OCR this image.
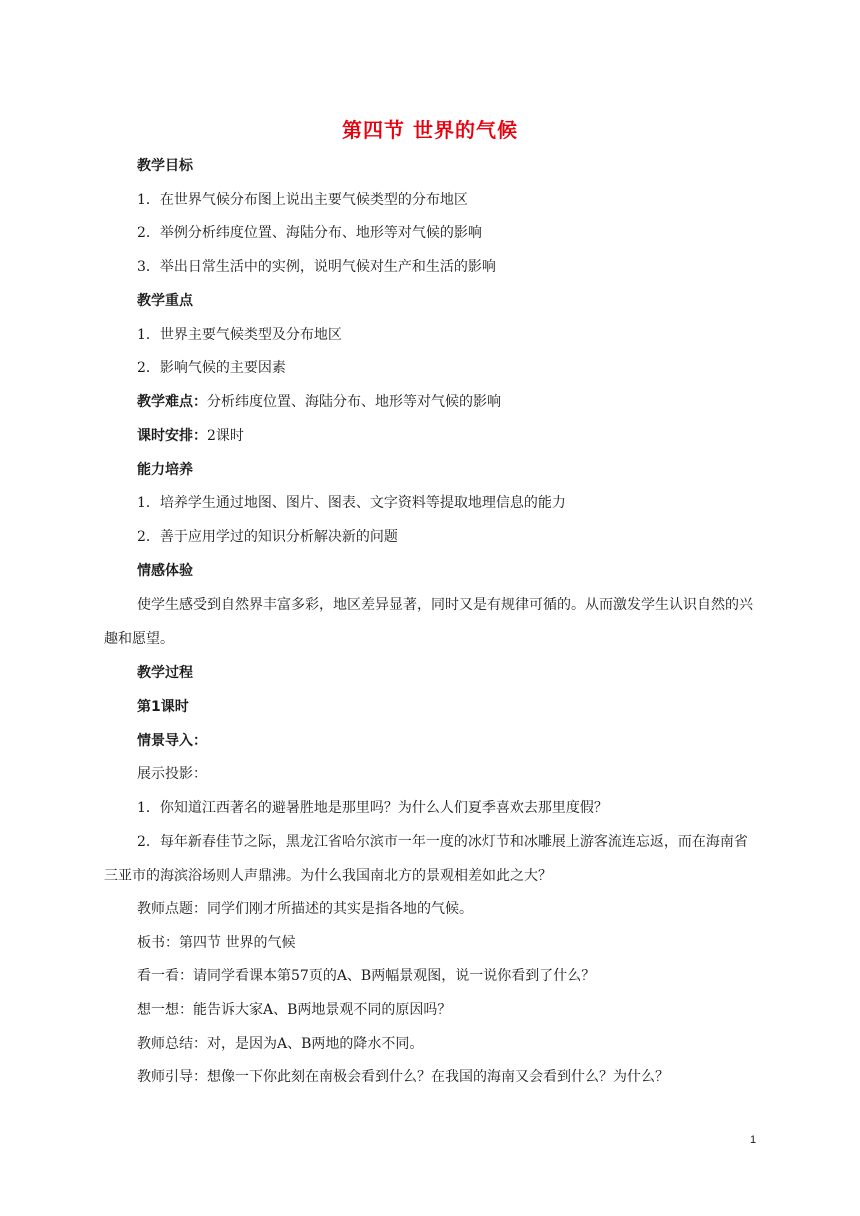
第四节 世界的气候
教学目标
1．在世界气候分布图上说出主要气候类型的分布地区
2．举例分析纬度位置、海陆分布、地形等对气候的影响
3．举出日常生活中的实例，说明气候对生产和生活的影响
教学重点
1．世界主要气候类型及分布地区
2．影响气候的主要因素
教学难点：分析纬度位置、海陆分布、地形等对气候的影响
课时安排：2课时
能力培养
1．培养学生通过地图、图片、图表、文字资料等提取地理信息的能力
2．善于应用学过的知识分析解决新的问题
情感体验
使学生感受到自然界丰富多彩，地区差异显著，同时又是有规律可循的。从而激发学生认识自然的兴趣和愿望。
教学过程
第1课时
情景导入：
展示投影：
1．你知道江西著名的避暑胜地是那里吗？为什么人们夏季喜欢去那里度假？
2．每年新春佳节之际，黑龙江省哈尔滨市一年一度的冰灯节和冰雕展上游客流连忘返，而在海南省三亚市的海滨浴场则人声鼎沸。为什么我国南北方的景观相差如此之大？
教师点题：同学们刚才所描述的其实是指各地的气候。
板书：第四节 世界的气候
看一看：请同学看课本第57页的A、B两幅景观图，说一说你看到了什么？
想一想：能告诉大家A、B两地景观不同的原因吗？
教师总结：对，是因为A、B两地的降水不同。
教师引导：想像一下你此刻在南极会看到什么？在我国的海南又会看到什么？为什么？
1
